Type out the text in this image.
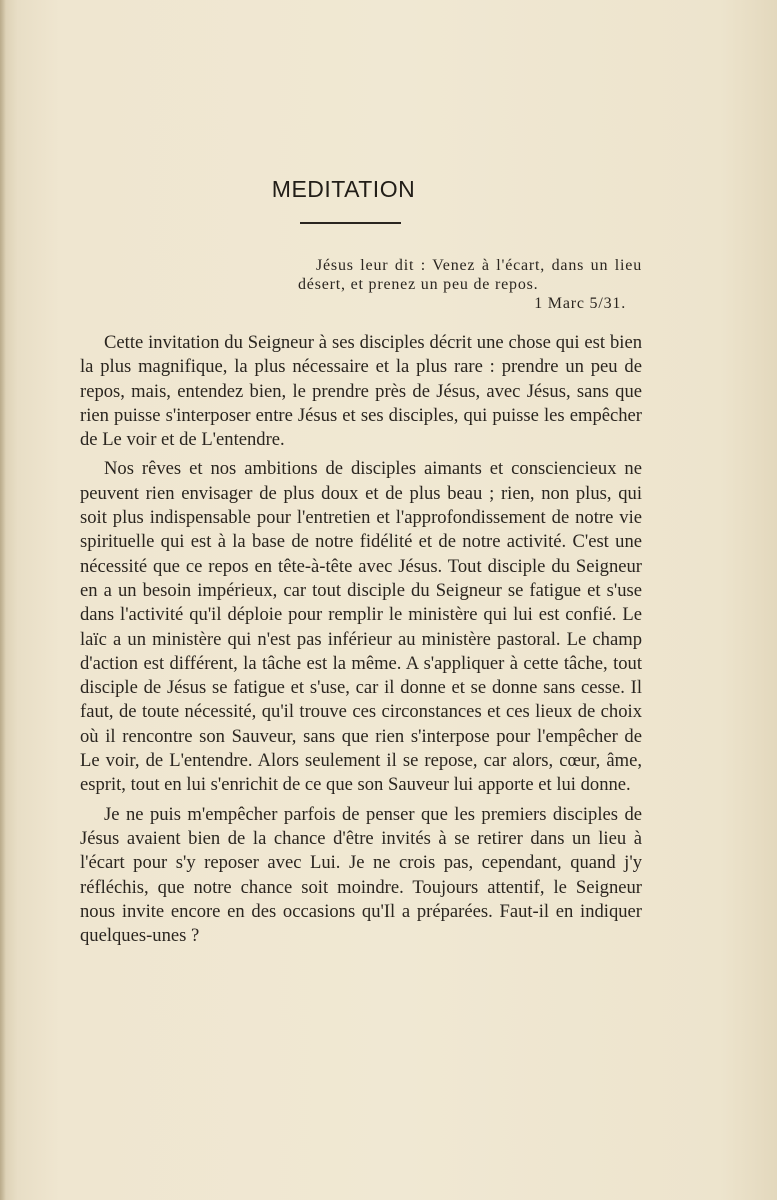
MEDITATION
Jésus leur dit : Venez à l'écart, dans un lieu désert, et prenez un peu de repos.
1 Marc 5/31.

Cette invitation du Seigneur à ses disciples décrit une chose qui est bien la plus magnifique, la plus nécessaire et la plus rare : prendre un peu de repos, mais, entendez bien, le prendre près de Jésus, avec Jésus, sans que rien puisse s'interposer entre Jésus et ses disciples, qui puisse les empêcher de Le voir et de L'entendre.

Nos rêves et nos ambitions de disciples aimants et consciencieux ne peuvent rien envisager de plus doux et de plus beau ; rien, non plus, qui soit plus indispensable pour l'entretien et l'approfondissement de notre vie spirituelle qui est à la base de notre fidélité et de notre activité. C'est une nécessité que ce repos en tête-à-tête avec Jésus. Tout disciple du Seigneur en a un besoin impérieux, car tout disciple du Seigneur se fatigue et s'use dans l'activité qu'il déploie pour remplir le ministère qui lui est confié. Le laïc a un ministère qui n'est pas inférieur au ministère pastoral. Le champ d'action est différent, la tâche est la même. A s'appliquer à cette tâche, tout disciple de Jésus se fatigue et s'use, car il donne et se donne sans cesse. Il faut, de toute nécessité, qu'il trouve ces circonstances et ces lieux de choix où il rencontre son Sauveur, sans que rien s'interpose pour l'empêcher de Le voir, de L'entendre. Alors seulement il se repose, car alors, cœur, âme, esprit, tout en lui s'enrichit de ce que son Sauveur lui apporte et lui donne.

Je ne puis m'empêcher parfois de penser que les premiers disciples de Jésus avaient bien de la chance d'être invités à se retirer dans un lieu à l'écart pour s'y reposer avec Lui. Je ne crois pas, cependant, quand j'y réfléchis, que notre chance soit moindre. Toujours attentif, le Seigneur nous invite encore en des occasions qu'Il a préparées. Faut-il en indiquer quelques-unes ?
